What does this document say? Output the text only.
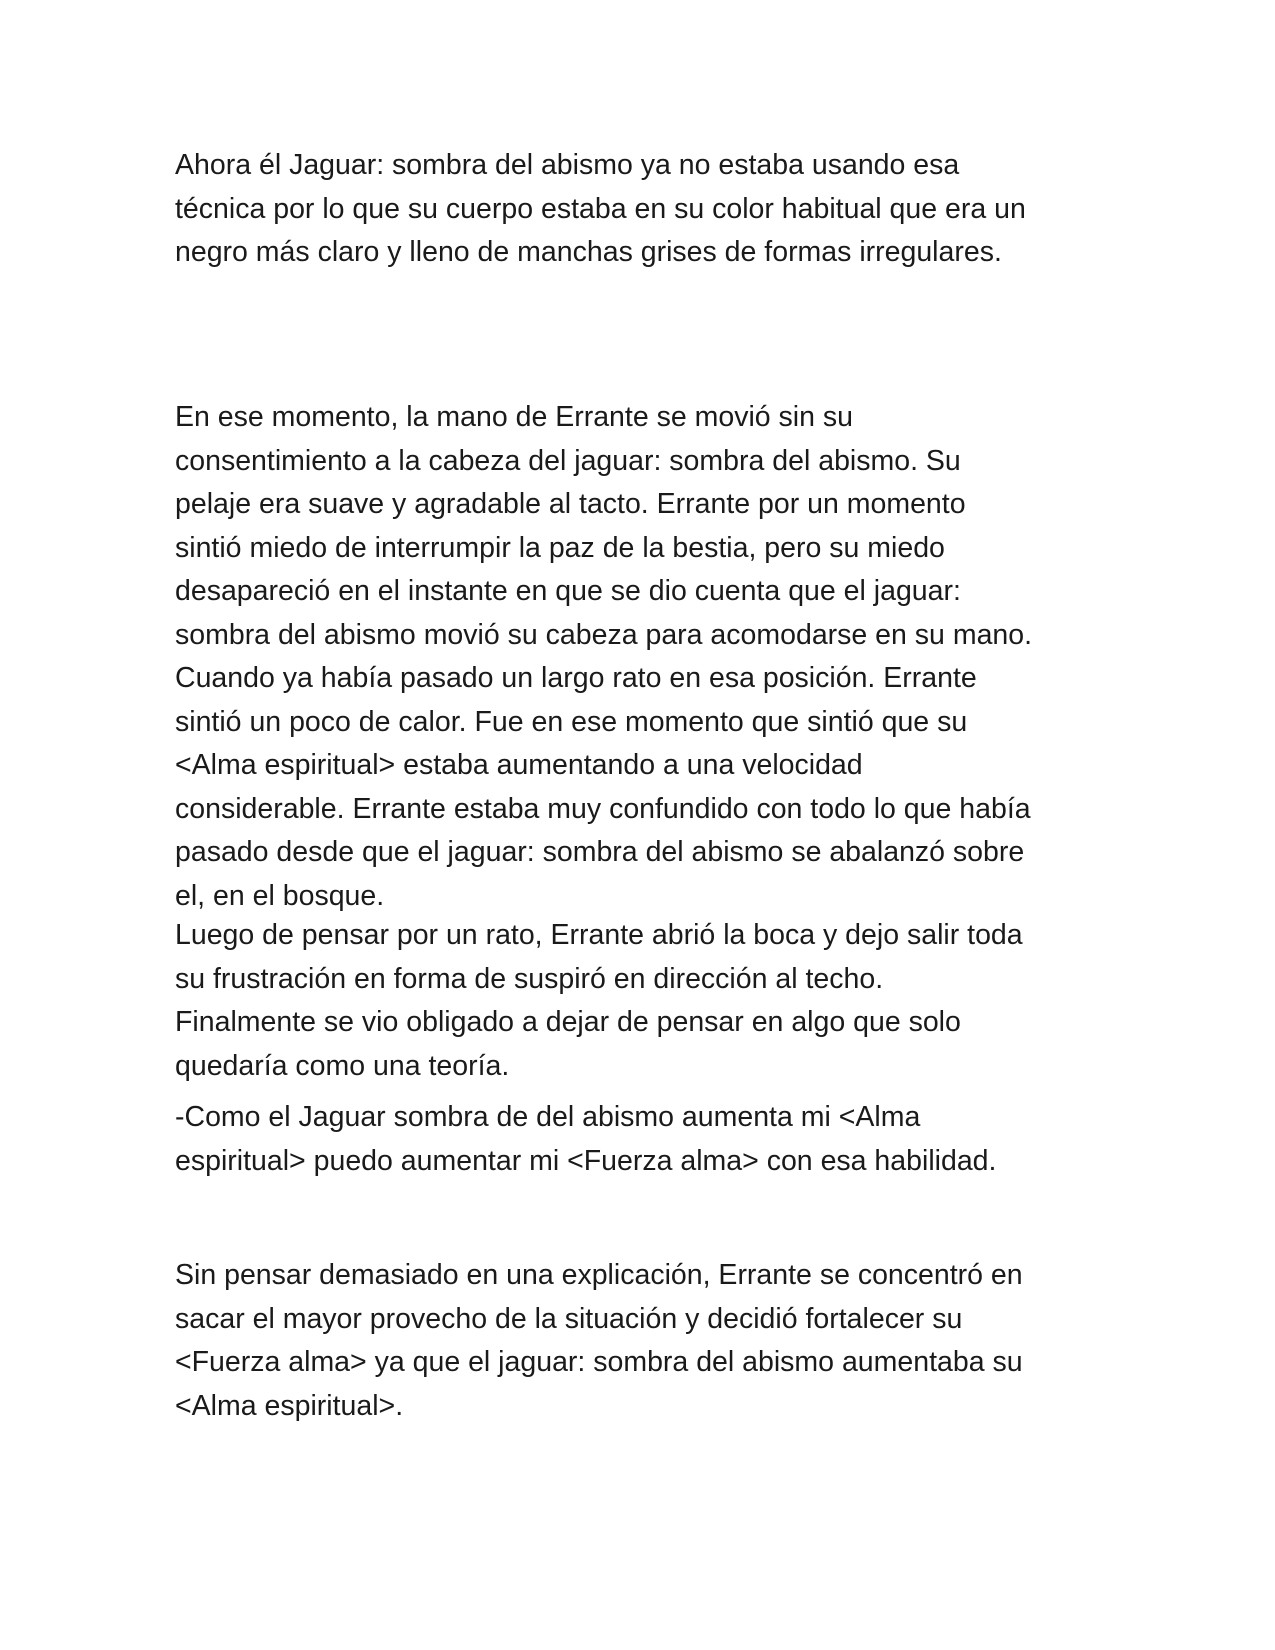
Ahora él Jaguar: sombra del abismo ya no estaba usando esa
técnica por lo que su cuerpo estaba en su color habitual que era un
negro más claro y lleno de manchas grises de formas irregulares.

En ese momento, la mano de Errante se movió sin su
consentimiento a la cabeza del jaguar: sombra del abismo. Su
pelaje era suave y agradable al tacto. Errante por un momento
sintió miedo de interrumpir la paz de la bestia, pero su miedo
desapareció en el instante en que se dio cuenta que el jaguar:
sombra del abismo movió su cabeza para acomodarse en su mano.
Cuando ya había pasado un largo rato en esa posición. Errante
sintió un poco de calor. Fue en ese momento que sintió que su
<Alma espiritual> estaba aumentando a una velocidad
considerable. Errante estaba muy confundido con todo lo que había
pasado desde que el jaguar: sombra del abismo se abalanzó sobre
el, en el bosque.

Luego de pensar por un rato, Errante abrió la boca y dejo salir toda
su frustración en forma de suspiró en dirección al techo.
Finalmente se vio obligado a dejar de pensar en algo que solo
quedaría como una teoría.

-Como el Jaguar sombra de del abismo aumenta mi <Alma
espiritual> puedo aumentar mi <Fuerza alma> con esa habilidad.

Sin pensar demasiado en una explicación, Errante se concentró en
sacar el mayor provecho de la situación y decidió fortalecer su
<Fuerza alma> ya que el jaguar: sombra del abismo aumentaba su
<Alma espiritual>.
